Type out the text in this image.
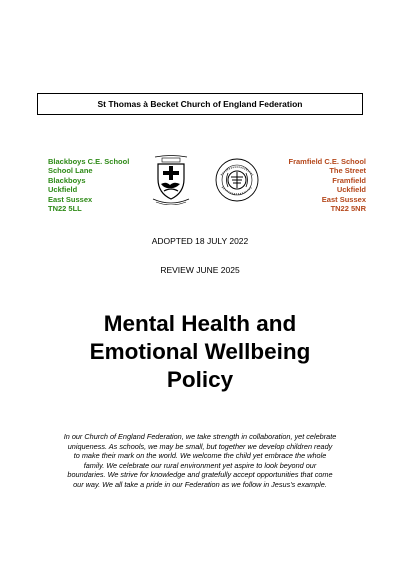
St Thomas à Becket Church of England Federation
Blackboys C.E. School
School Lane
Blackboys
Uckfield
East Sussex
TN22 5LL
Framfield C.E. School
The Street
Framfield
Uckfield
East Sussex
TN22 5NR
ADOPTED 18 JULY 2022
REVIEW JUNE 2025
Mental Health and
Emotional Wellbeing
Policy
In our Church of England Federation, we take strength in collaboration, yet celebrate
uniqueness. As schools, we may be small, but together we develop children ready
to make their mark on the world. We welcome the child yet embrace the whole
family. We celebrate our rural environment yet aspire to look beyond our
boundaries. We strive for knowledge and gratefully accept opportunities that come
our way. We all take a pride in our Federation as we follow in Jesus's example.
